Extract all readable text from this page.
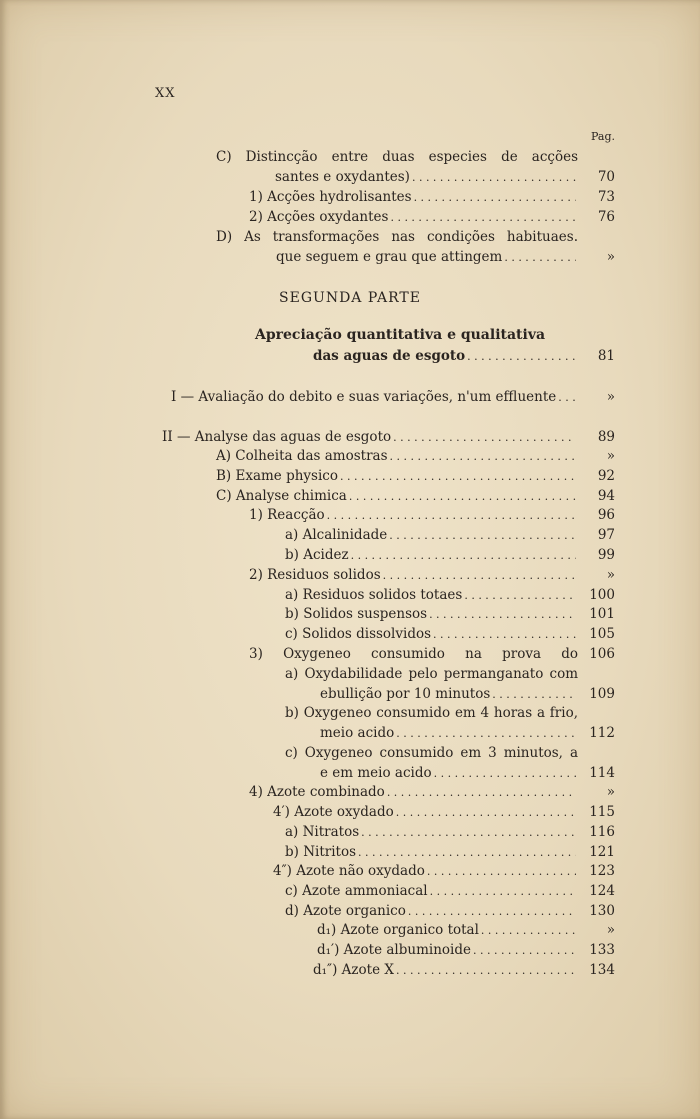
XX
Pag.
SEGUNDA PARTE
Apreciação quantitativa e qualitativa
C) Distincção entre duas especies de acções
santes e oxydantes) . . .	70
1) Acções hydrolisantes . . .	73
2) Acções oxydantes . . .	76
D) As transformações nas condições habituaes.
que seguem e grau que attingem . . .	»
das aguas de esgoto . . .	81
I — Avaliação do debito e suas variações, n'um effluente . . .	»
II — Analyse das aguas de esgoto . . .	89
A) Colheita das amostras . . .	»
B) Exame physico . . .	92
C) Analyse chimica . . .	94
1) Reacção . . .	96
a) Alcalinidade . . .	97
b) Acidez . . .	99
2) Residuos solidos . . .	»
a) Residuos solidos totaes . . .	100
b) Solidos suspensos . . .	101
c) Solidos dissolvidos . . .	105
3) Oxygeneo consumido na prova do 106
a) Oxydabilidade pelo permanganato com
ebullição por 10 minutos . . .	109
b) Oxygeneo consumido em 4 horas a frio,
meio acido . . .	112
c) Oxygeneo consumido em 3 minutos, a
e em meio acido . . .	114
4) Azote combinado . . .	»
4′) Azote oxydado . . .	115
a) Nitratos . . .	116
b) Nitritos . . .	121
4″) Azote não oxydado . . .	123
c) Azote ammoniacal . . .	124
d) Azote organico . . .	130
d₁) Azote organico total . . .	»
d₁′) Azote albuminoide . . .	133
d₁″) Azote X . . .	134
